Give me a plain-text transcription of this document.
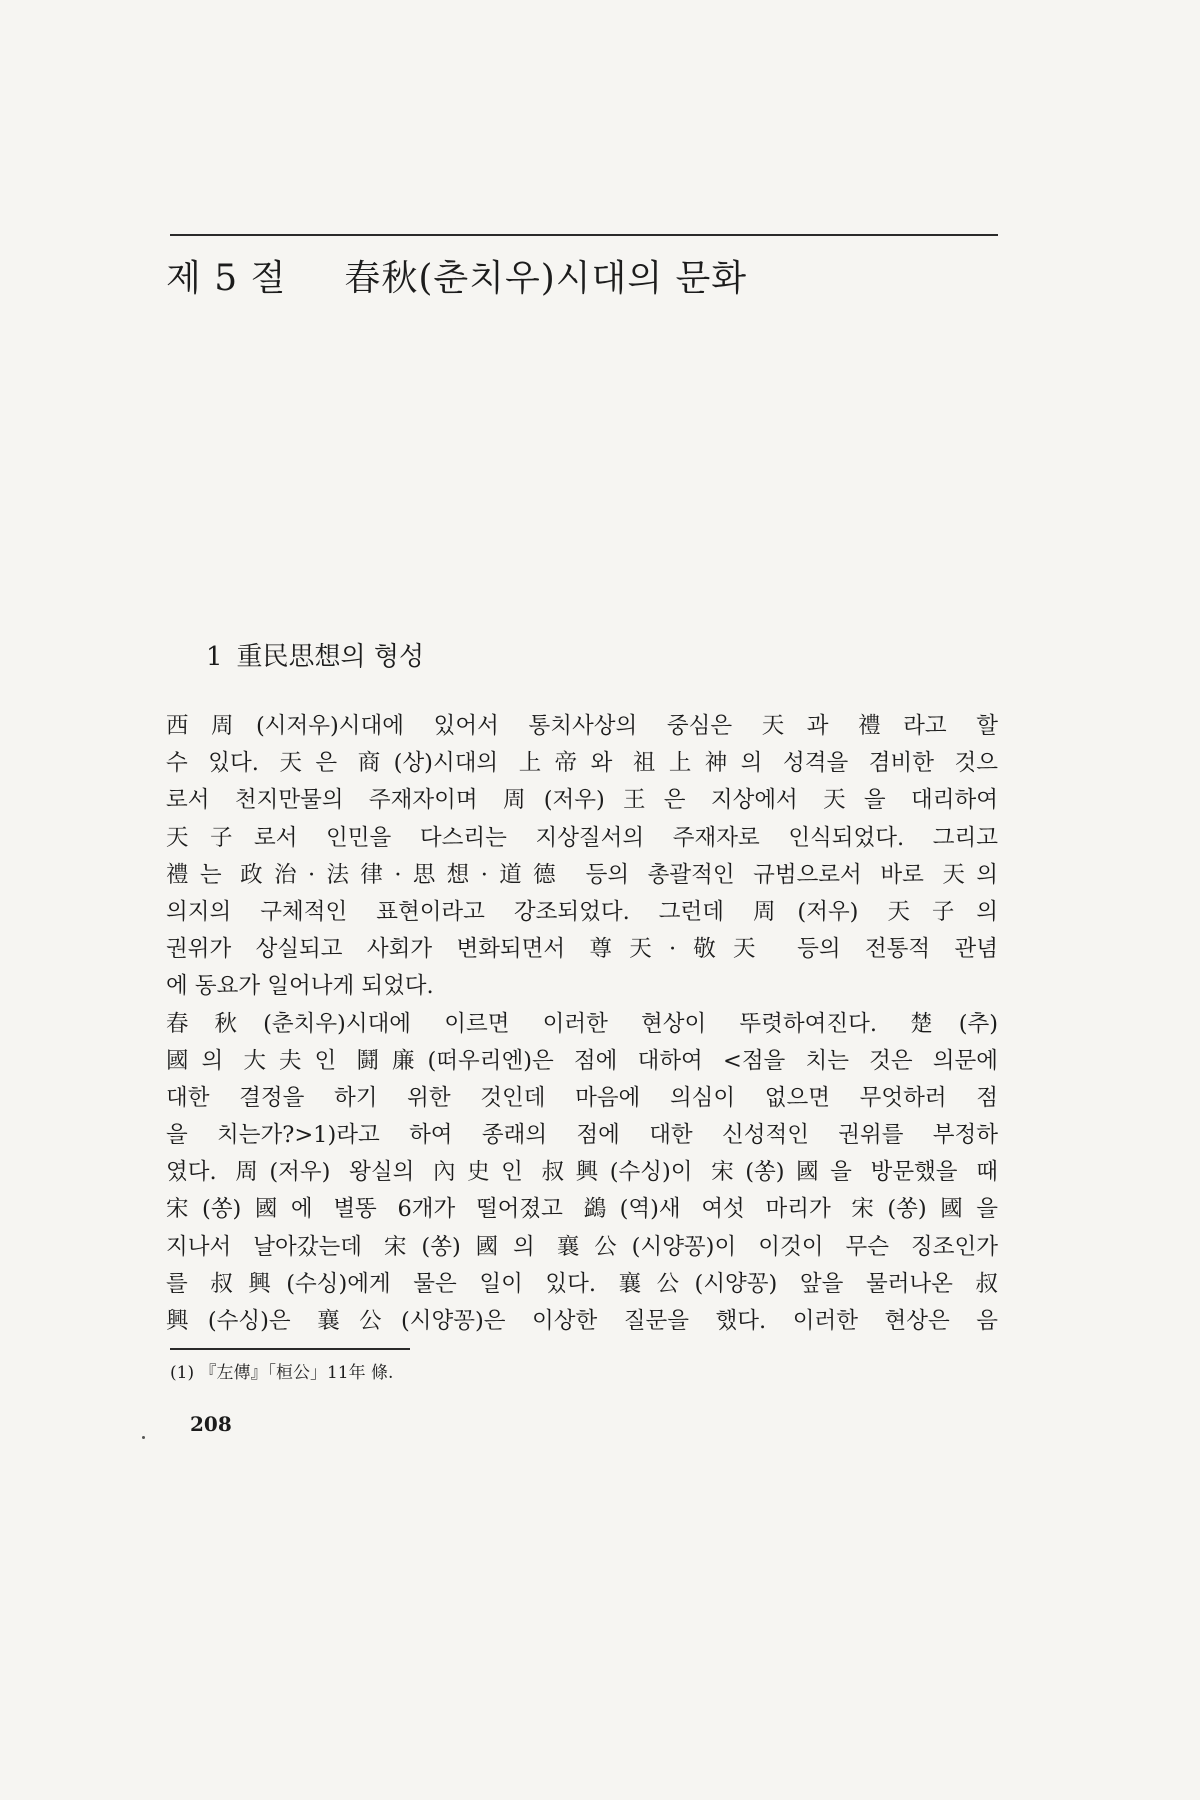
제 5 절 春秋(춘치우)시대의 문화
1 重民思想의 형성
西周(시저우)시대에 있어서 통치사상의 중심은 天과 禮라고 할
수 있다. 天은 商(상)시대의 上帝와 祖上神의 성격을 겸비한 것으
로서 천지만물의 주재자이며 周(저우)王은 지상에서 天을 대리하여
天子로서 인민을 다스리는 지상질서의 주재자로 인식되었다. 그리고
禮는 政治·法律·思想·道德 등의 총괄적인 규범으로서 바로 天의
의지의 구체적인 표현이라고 강조되었다. 그런데 周(저우) 天子의
권위가 상실되고 사회가 변화되면서 尊天·敬天 등의 전통적 관념
에 동요가 일어나게 되었다.
春秋(춘치우)시대에 이르면 이러한 현상이 뚜렷하여진다. 楚(추)
國의 大夫인 鬪廉(떠우리엔)은 점에 대하여 <점을 치는 것은 의문에
대한 결정을 하기 위한 것인데 마음에 의심이 없으면 무엇하러 점
을 치는가?>1)라고 하여 종래의 점에 대한 신성적인 권위를 부정하
였다. 周(저우) 왕실의 內史인 叔興(수싱)이 宋(쏭)國을 방문했을 때
宋(쏭)國에 별똥 6개가 떨어졌고 鷁(역)새 여섯 마리가 宋(쏭)國을
지나서 날아갔는데 宋(쏭)國의 襄公(시양꽁)이 이것이 무슨 징조인가
를 叔興(수싱)에게 물은 일이 있다. 襄公(시양꽁) 앞을 물러나온 叔
興(수싱)은 襄公(시양꽁)은 이상한 질문을 했다. 이러한 현상은 음
(1) 『左傳』「桓公」11年 條.
208
